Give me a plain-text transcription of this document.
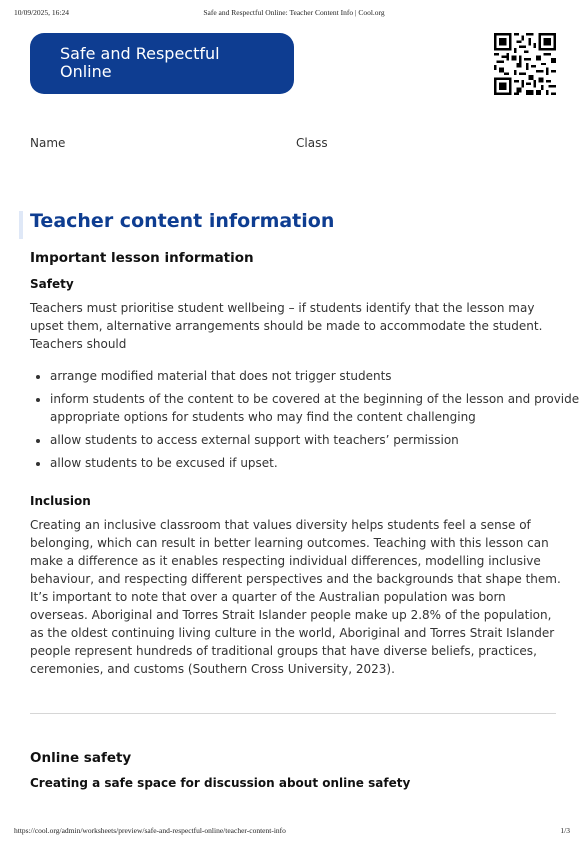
10/09/2025, 16:24	Safe and Respectful Online: Teacher Content Info | Cool.org
Safe and Respectful
Online
Name	Class
Teacher content information
Important lesson information
Safety

Teachers must prioritise student wellbeing – if students identify that the lesson may upset them, alternative arrangements should be made to accommodate the student. Teachers should

• arrange modified material that does not trigger students
• inform students of the content to be covered at the beginning of the lesson and provide appropriate options for students who may find the content challenging
• allow students to access external support with teachers’ permission
• allow students to be excused if upset.
Inclusion

Creating an inclusive classroom that values diversity helps students feel a sense of belonging, which can result in better learning outcomes. Teaching with this lesson can make a difference as it enables respecting individual differences, modelling inclusive behaviour, and respecting different perspectives and the backgrounds that shape them. It’s important to note that over a quarter of the Australian population was born overseas. Aboriginal and Torres Strait Islander people make up 2.8% of the population, as the oldest continuing living culture in the world, Aboriginal and Torres Strait Islander people represent hundreds of traditional groups that have diverse beliefs, practices, ceremonies, and customs (Southern Cross University, 2023).

Online safety
Creating a safe space for discussion about online safety
https://cool.org/admin/worksheets/preview/safe-and-respectful-online/teacher-content-info	1/3
